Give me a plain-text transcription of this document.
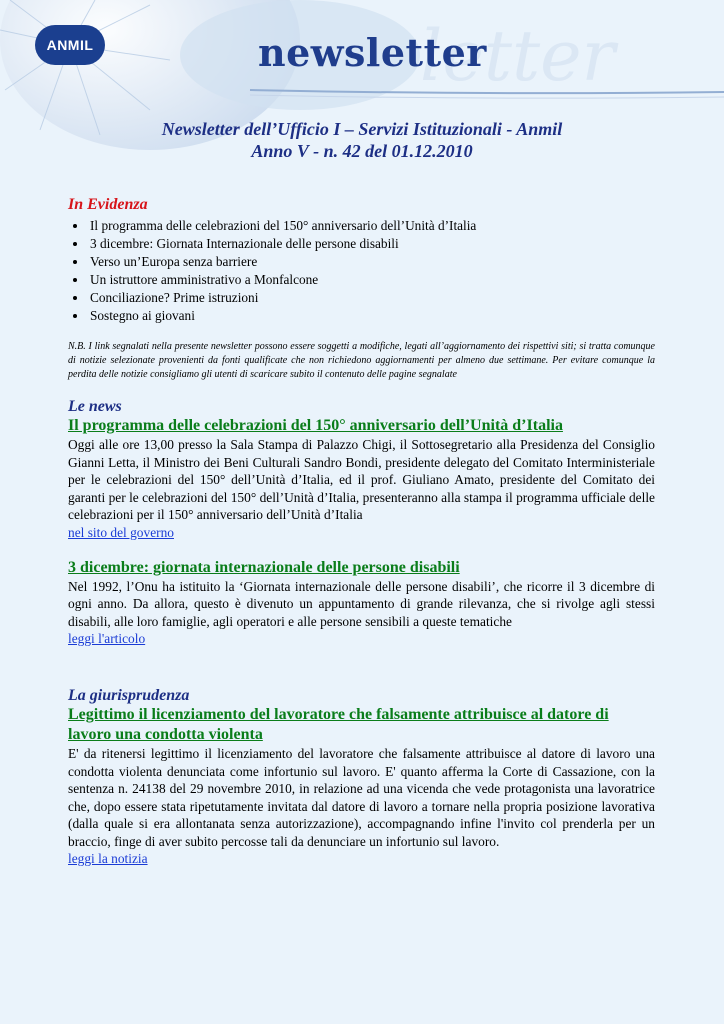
letter
ANMIL	newsletter
Newsletter dell’Ufficio I – Servizi Istituzionali - Anmil
Anno V - n. 42 del 01.12.2010
In Evidenza
• Il programma delle celebrazioni del 150° anniversario dell’Unità d’Italia
• 3 dicembre: Giornata Internazionale delle persone disabili
• Verso un’Europa senza barriere
• Un istruttore amministrativo a Monfalcone
• Conciliazione? Prime istruzioni
• Sostegno ai giovani

N.B. I link segnalati nella presente newsletter possono essere soggetti a modifiche, legati all’aggiornamento dei rispettivi siti; si tratta comunque di notizie selezionate provenienti da fonti qualificate che non richiedono aggiornamenti per almeno due settimane. Per evitare comunque la perdita delle notizie consigliamo gli utenti di scaricare subito il contenuto delle pagine segnalate

Le news
Il programma delle celebrazioni del 150° anniversario dell’Unità d’Italia

Oggi alle ore 13,00 presso la Sala Stampa di Palazzo Chigi, il Sottosegretario alla Presidenza del Consiglio Gianni Letta, il Ministro dei Beni Culturali Sandro Bondi, presidente delegato del Comitato Interministeriale per le celebrazioni del 150° dell’Unità d’Italia, ed il prof. Giuliano Amato, presidente del Comitato dei garanti per le celebrazioni del 150° dell’Unità d’Italia, presenteranno alla stampa il programma ufficiale delle celebrazioni per il 150° anniversario dell’Unità d’Italia

nel sito del governo
3 dicembre: giornata internazionale delle persone disabili

Nel 1992, l’Onu ha istituito la ‘Giornata internazionale delle persone disabili’, che ricorre il 3 dicembre di ogni anno. Da allora, questo è divenuto un appuntamento di grande rilevanza, che si rivolge agli stessi disabili, alle loro famiglie, agli operatori e alle persone sensibili a queste tematiche

leggi l'articolo
La giurisprudenza
Legittimo il licenziamento del lavoratore che falsamente attribuisce al datore di lavoro una condotta violenta

E' da ritenersi legittimo il licenziamento del lavoratore che falsamente attribuisce al datore di lavoro una condotta violenta denunciata come infortunio sul lavoro. E' quanto afferma la Corte di Cassazione, con la sentenza n. 24138 del 29 novembre 2010, in relazione ad una vicenda che vede protagonista una lavoratrice che, dopo essere stata ripetutamente invitata dal datore di lavoro a tornare nella propria posizione lavorativa (dalla quale si era allontanata senza autorizzazione), accompagnando infine l'invito col prenderla per un braccio, finge di aver subito percosse tali da denunciare un infortunio sul lavoro.

leggi la notizia
